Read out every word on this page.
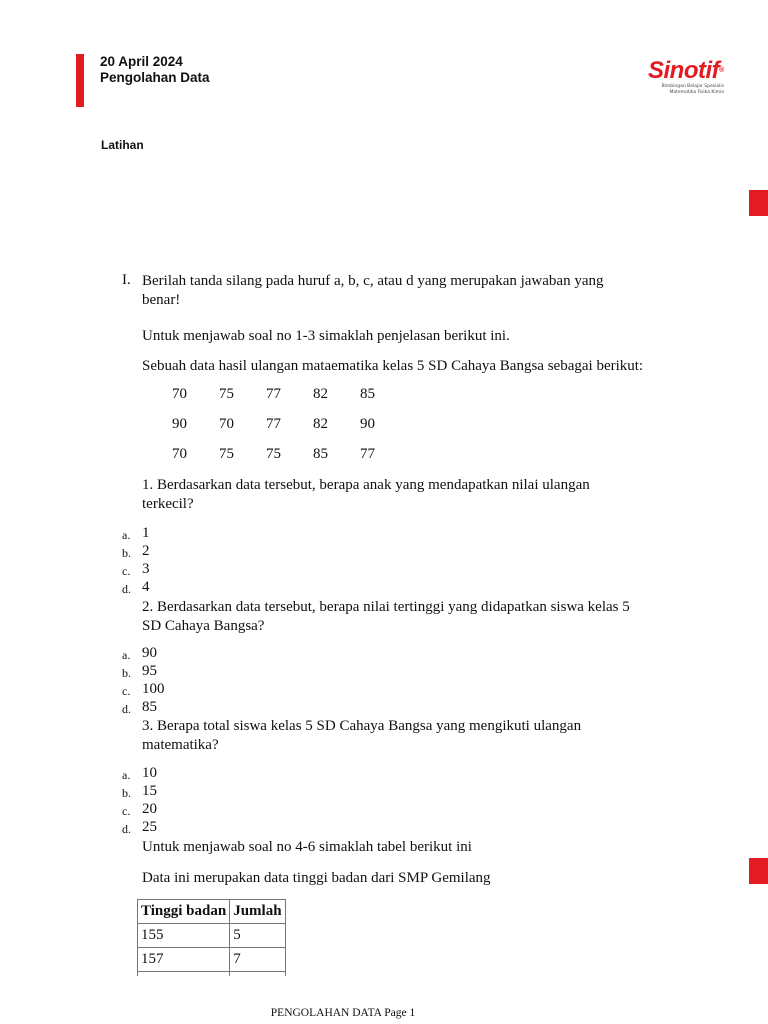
20 April 2024
Pengolahan Data	Sinotif®
Bimbingan Belajar Spesialis
Matematika Fisika Kimia
Latihan
I. Berilah tanda silang pada huruf a, b, c, atau d yang merupakan jawaban yang
benar!
Untuk menjawab soal no 1-3 simaklah penjelasan berikut ini.
Sebuah data hasil ulangan mataematika kelas 5 SD Cahaya Bangsa sebagai berikut:
70 75 77 82 85
90 70 77 82 90
70 75 75 85 77
1. Berdasarkan data tersebut, berapa anak yang mendapatkan nilai ulangan
terkecil?
a. 1
b. 2
c. 3
d. 4
2. Berdasarkan data tersebut, berapa nilai tertinggi yang didapatkan siswa kelas 5
SD Cahaya Bangsa?
a. 90
b. 95
c. 100
d. 85
3. Berapa total siswa kelas 5 SD Cahaya Bangsa yang mengikuti ulangan
matematika?
a. 10
b. 15
c. 20
d. 25
Untuk menjawab soal no 4-6 simaklah tabel berikut ini
Data ini merupakan data tinggi badan dari SMP Gemilang
Tinggi badan	Jumlah
155	5
157	7

PENGOLAHAN DATA Page 1
